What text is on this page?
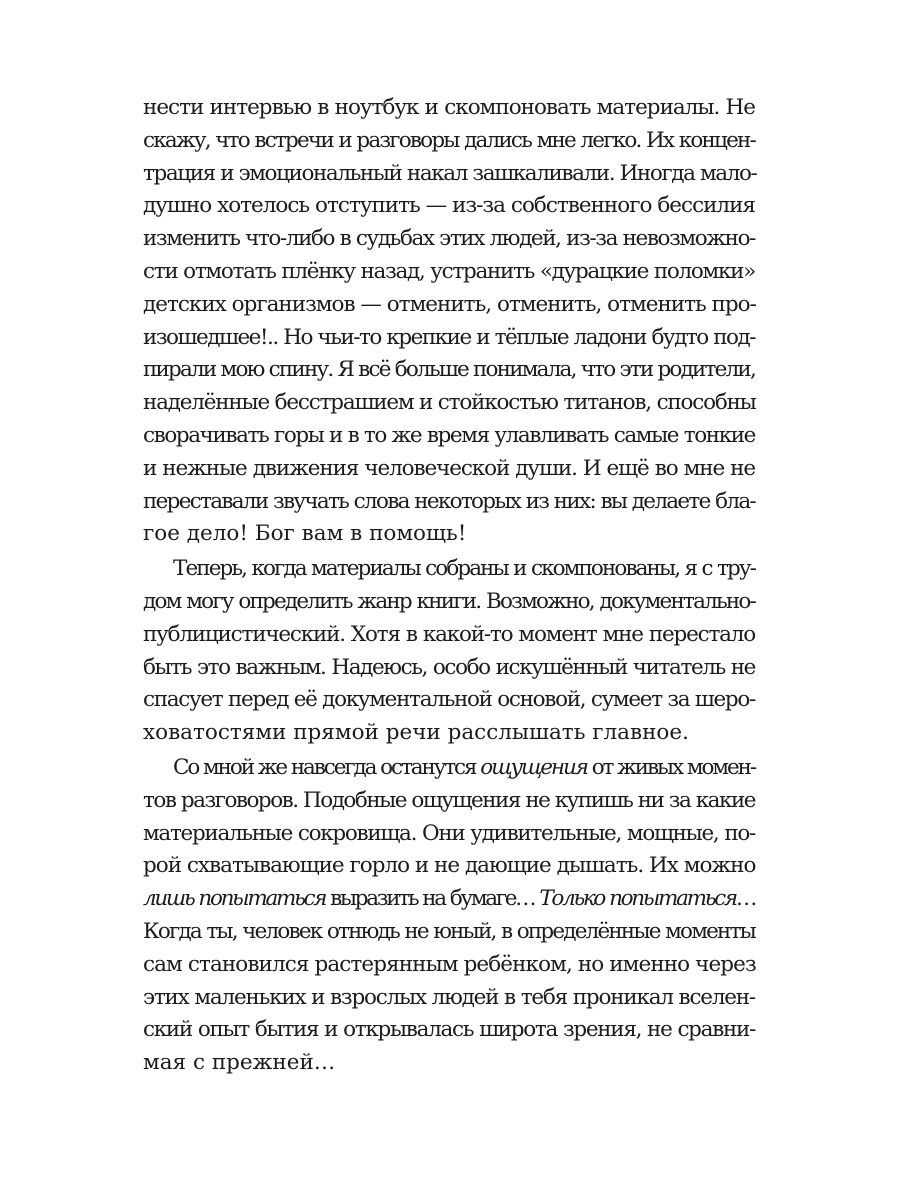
нести интервью в ноутбук и скомпоновать материалы. Не
скажу, что встречи и разговоры дались мне легко. Их концен-
трация и эмоциональный накал зашкаливали. Иногда мало-
душно хотелось отступить — из-за собственного бессилия
изменить что-либо в судьбах этих людей, из-за невозможно-
сти отмотать плёнку назад, устранить «дурацкие поломки»
детских организмов — отменить, отменить, отменить про-
изошедшее!.. Но чьи-то крепкие и тёплые ладони будто под-
пирали мою спину. Я всё больше понимала, что эти родители,
наделённые бесстрашием и стойкостью титанов, способны
сворачивать горы и в то же время улавливать самые тонкие
и нежные движения человеческой души. И ещё во мне не
переставали звучать слова некоторых из них: вы делаете бла-
гое дело! Бог вам в помощь!
Теперь, когда материалы собраны и скомпонованы, я с тру-
дом могу определить жанр книги. Возможно, документально-
публицистический. Хотя в какой-то момент мне перестало
быть это важным. Надеюсь, особо искушённый читатель не
спасует перед её документальной основой, сумеет за шеро-
ховатостями прямой речи расслышать главное.
Со мной же навсегда останутся ощущения от живых момен-
тов разговоров. Подобные ощущения не купишь ни за какие
материальные сокровища. Они удивительные, мощные, по-
рой схватывающие горло и не дающие дышать. Их можно
лишь попытаться выразить на бумаге… Только попытаться…
Когда ты, человек отнюдь не юный, в определённые моменты
сам становился растерянным ребёнком, но именно через
этих маленьких и взрослых людей в тебя проникал вселен-
ский опыт бытия и открывалась широта зрения, не сравни-
мая с прежней…
